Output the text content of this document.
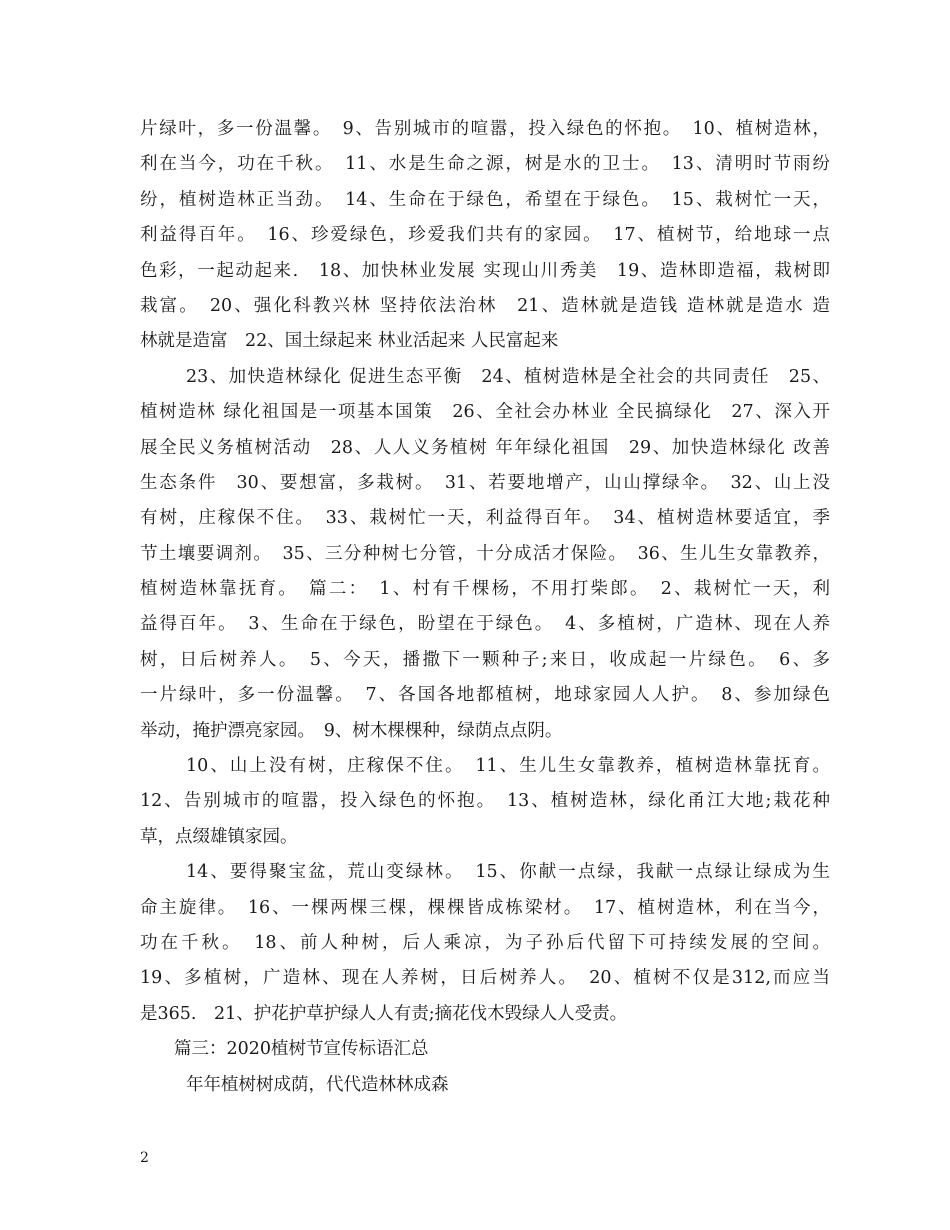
片绿叶，多一份温馨。　9、告别城市的喧嚣，投入绿色的怀抱。　10、植树造林，
利在当今，功在千秋。　11、水是生命之源，树是水的卫士。　13、清明时节雨纷
纷，植树造林正当劲。　14、生命在于绿色，希望在于绿色。　15、栽树忙一天，
利益得百年。　16、珍爱绿色，珍爱我们共有的家园。　17、植树节，给地球一点
色彩，一起动起来.　18、加快林业发展 实现山川秀美　19、造林即造福，栽树即
栽富。　20、强化科教兴林 坚持依法治林　21、造林就是造钱 造林就是造水 造
林就是造富　22、国土绿起来 林业活起来 人民富起来
23、加快造林绿化 促进生态平衡　24、植树造林是全社会的共同责任　25、
植树造林 绿化祖国是一项基本国策　26、全社会办林业 全民搞绿化　27、深入开
展全民义务植树活动　28、人人义务植树 年年绿化祖国　29、加快造林绿化 改善
生态条件　30、要想富，多栽树。　31、若要地增产，山山撑绿伞。　32、山上没
有树，庄稼保不住。　33、栽树忙一天，利益得百年。　34、植树造林要适宜，季
节土壤要调剂。　35、三分种树七分管，十分成活才保险。　36、生儿生女靠教养，
植树造林靠抚育。　篇二：　1、村有千棵杨，不用打柴郎。　2、栽树忙一天，利
益得百年。　3、生命在于绿色，盼望在于绿色。　4、多植树，广造林、现在人养
树，日后树养人。　5、今天，播撒下一颗种子;来日，收成起一片绿色。　6、多
一片绿叶，多一份温馨。　7、各国各地都植树，地球家园人人护。　8、参加绿色
举动，掩护漂亮家园。　9、树木棵棵种，绿荫点点阴。
10、山上没有树，庄稼保不住。　11、生儿生女靠教养，植树造林靠抚育。
12、告别城市的喧嚣，投入绿色的怀抱。　13、植树造林，绿化甬江大地;栽花种
草，点缀雄镇家园。
14、要得聚宝盆，荒山变绿林。　15、你献一点绿，我献一点绿让绿成为生
命主旋律。　16、一棵两棵三棵，棵棵皆成栋梁材。　17、植树造林，利在当今，
功在千秋。　18、前人种树，后人乘凉，为子孙后代留下可持续发展的空间。
19、多植树，广造林、现在人养树，日后树养人。　20、植树不仅是312,而应当
是365.　21、护花护草护绿人人有责;摘花伐木毁绿人人受责。
篇三：2020植树节宣传标语汇总
年年植树树成荫，代代造林林成森
2
